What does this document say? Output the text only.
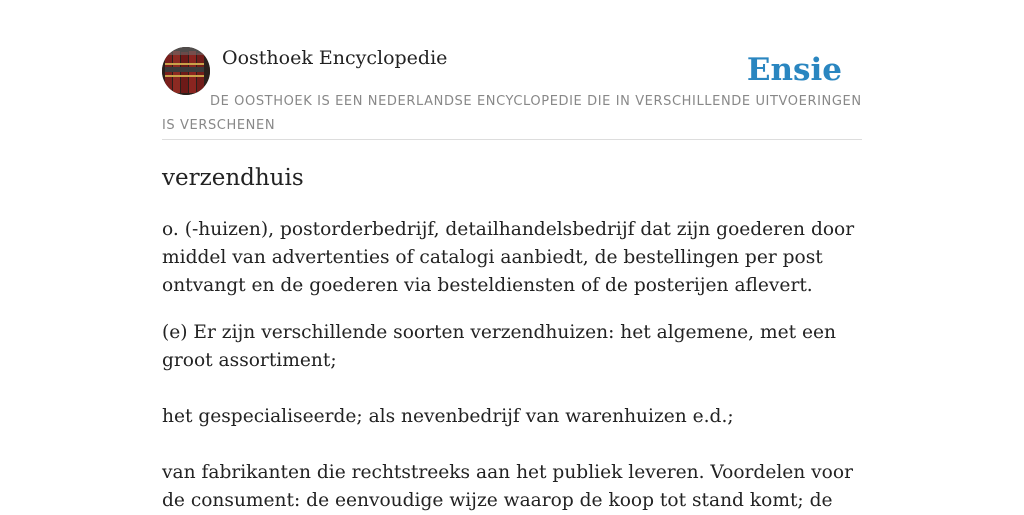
Oosthoek Encyclopedie	Ensie

DE OOSTHOEK IS EEN NEDERLANDSE ENCYCLOPEDIE DIE IN VERSCHILLENDE UITVOERINGEN IS VERSCHENEN

verzendhuis

o. (-huizen), postorderbedrijf, detailhandelsbedrijf dat zijn goederen door middel van advertenties of catalogi aanbiedt, de bestellingen per post ontvangt en de goederen via besteldiensten of de posterijen aflevert.

(e) Er zijn verschillende soorten verzendhuizen: het algemene, met een groot assortiment;

het gespecialiseerde; als nevenbedrijf van warenhuizen e.d.;

van fabrikanten die rechtstreeks aan het publiek leveren. Voordelen voor de consument: de eenvoudige wijze waarop de koop tot stand komt; de
